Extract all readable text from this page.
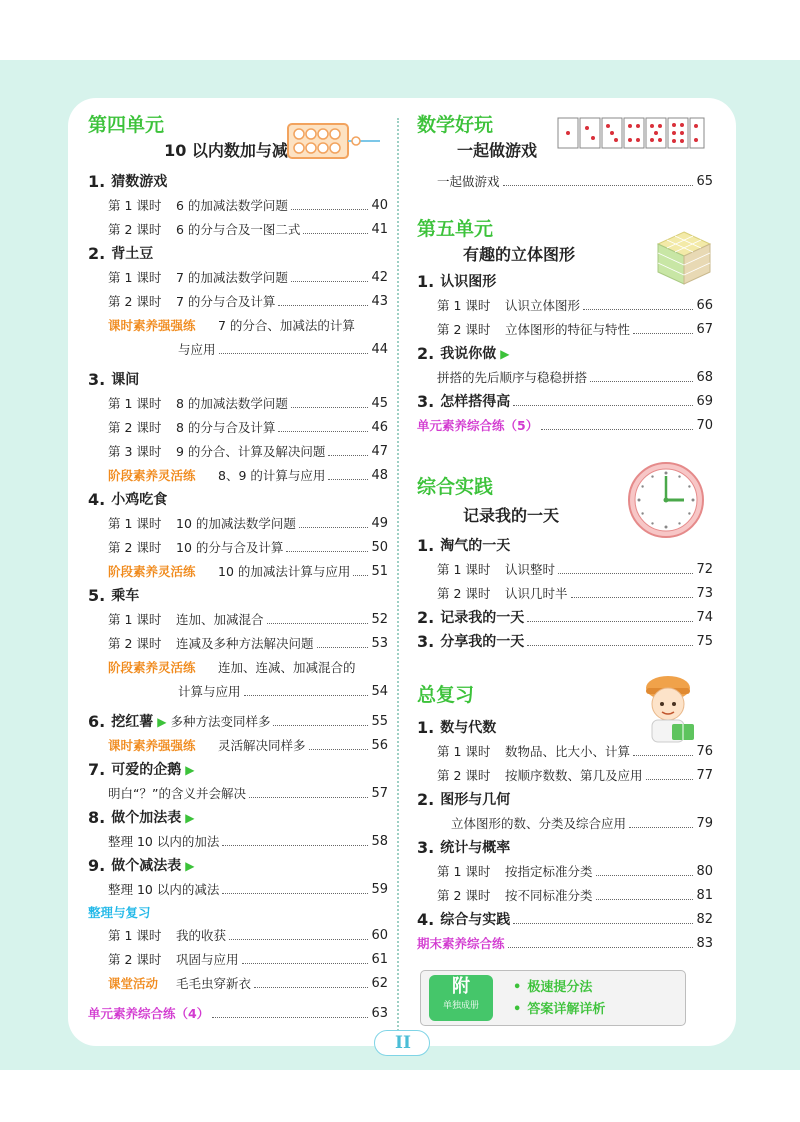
第四单元
10 以内数加与减
1. 猜数游戏
第 1 课时	6 的加减法数学问题	40
第 2 课时	6 的分与合及一图二式	41
2. 背土豆
第 1 课时	7 的加减法数学问题	42
第 2 课时	7 的分与合及计算	43
课时素养强强练	7 的分合、加减法的计算
与应用	44
3. 课间
第 1 课时	8 的加减法数学问题	45
第 2 课时	8 的分与合及计算	46
第 3 课时	9 的分合、计算及解决问题	47
阶段素养灵活练	8、9 的计算与应用	48
4. 小鸡吃食
第 1 课时	10 的加减法数学问题	49
第 2 课时	10 的分与合及计算	50
阶段素养灵活练	10 的加减法计算与应用 51
5. 乘车
第 1 课时	连加、加减混合	52
第 2 课时	连减及多种方法解决问题	53
阶段素养灵活练	连加、连减、加减混合的
计算与应用	54
6. 挖红薯 ▶ 多种方法变同样多	55
课时素养强强练	灵活解决同样多	56
7. 可爱的企鹅 ▶
明白“？”的含义并会解决	57
8. 做个加法表 ▶
整理 10 以内的加法	58
9. 做个减法表 ▶
整理 10 以内的减法	59
整理与复习
第 1 课时	我的收获	60
第 2 课时	巩固与应用	61
课堂活动	毛毛虫穿新衣	62
单元素养综合练（4）	63
数学好玩
一起做游戏
一起做游戏	65
第五单元
有趣的立体图形
1. 认识图形
第 1 课时	认识立体图形	66
第 2 课时	立体图形的特征与特性	67
2. 我说你做 ▶
拼搭的先后顺序与稳稳拼搭	68
3. 怎样搭得高	69
单元素养综合练（5）	70
综合实践
记录我的一天
1. 淘气的一天
第 1 课时	认识整时	72
第 2 课时	认识几时半	73
2. 记录我的一天	74
3. 分享我的一天	75
总复习
1. 数与代数
第 1 课时	数物品、比大小、计算	76
第 2 课时	按顺序数数、第几及应用	77
2. 图形与几何
立体图形的数、分类及综合应用	79
3. 统计与概率
第 1 课时	按指定标准分类	80
第 2 课时	按不同标准分类	81
4. 综合与实践	82
期末素养综合练	83
附
单独成册
• 极速提分法
• 答案详解详析
II
